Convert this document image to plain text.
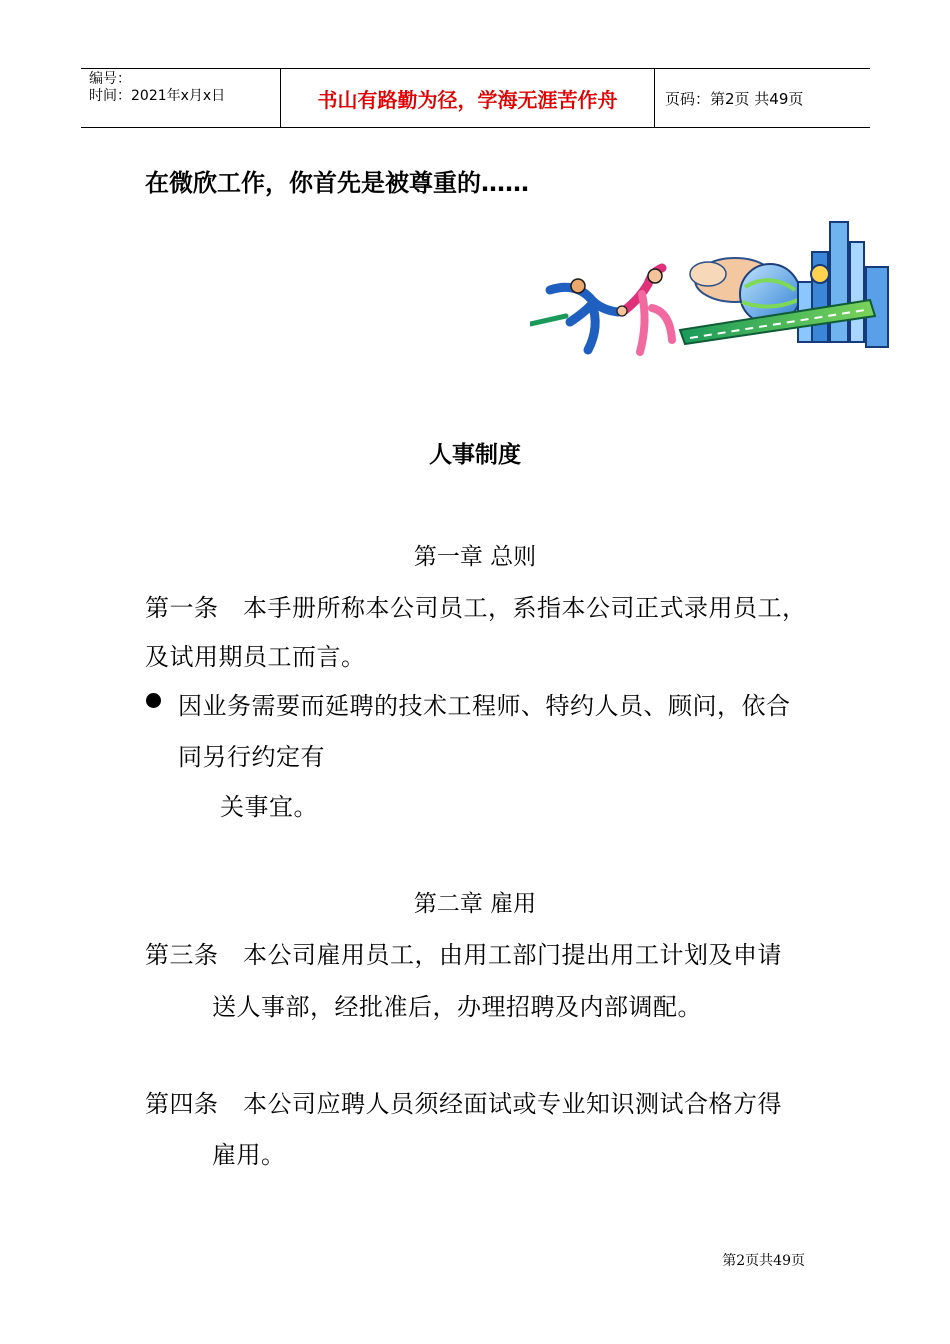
编号：
时间：2021年x月x日	书山有路勤为径，学海无涯苦作舟	页码：第2页 共49页
在微欣工作，你首先是被尊重的……
人事制度
第一章 总则
第一条　本手册所称本公司员工，系指本公司正式录用员工，
及试用期员工而言。
因业务需要而延聘的技术工程师、特约人员、顾问，依合
同另行约定有
关事宜。
第二章 雇用
第三条　本公司雇用员工，由用工部门提出用工计划及申请
送人事部，经批准后，办理招聘及内部调配。
第四条　本公司应聘人员须经面试或专业知识测试合格方得
雇用。
第2页共49页
